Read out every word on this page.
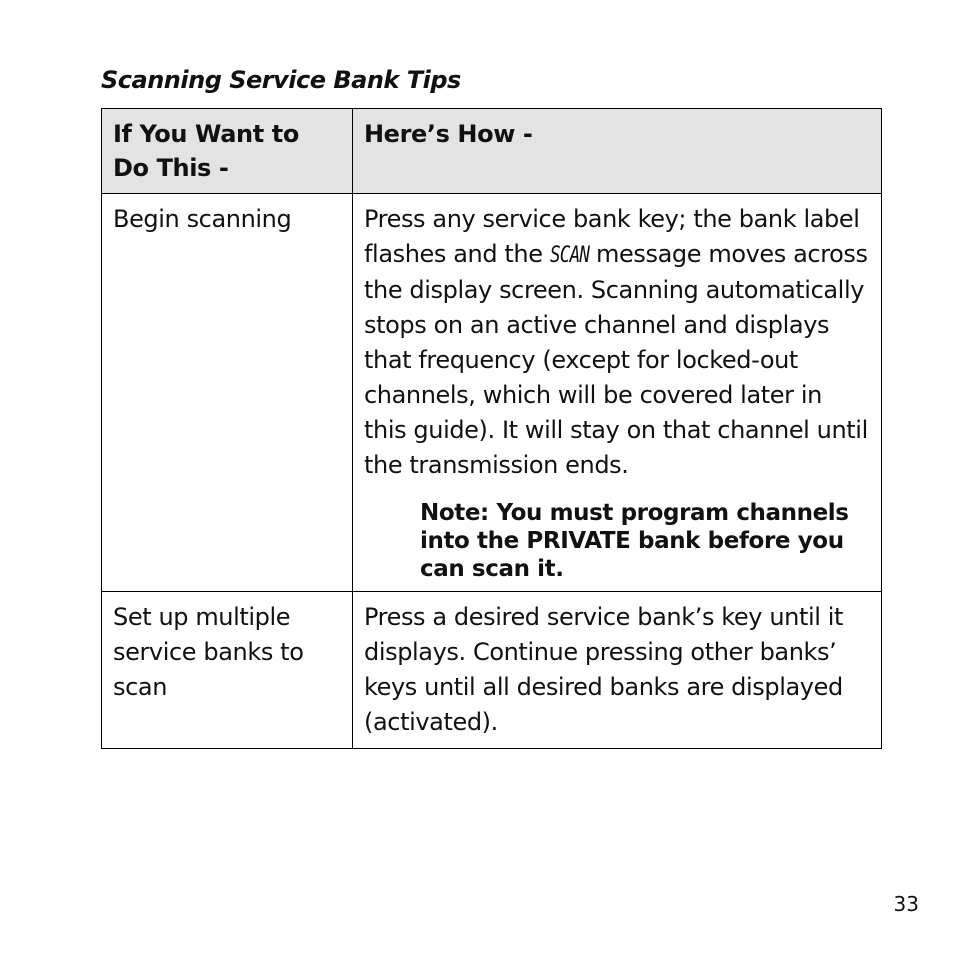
Scanning Service Bank Tips
If You Want to Do This -	Here’s How -
Begin scanning	Press any service bank key; the bank label flashes and the SCAN message moves across the display screen. Scanning automatically stops on an active channel and displays that frequency (except for locked-out channels, which will be covered later in this guide). It will stay on that channel until the transmission ends.
Note: You must program channels into the PRIVATE bank before you can scan it.

Set up multiple service banks to scan	Press a desired service bank’s key until it displays. Continue pressing other banks’ keys until all desired banks are displayed (activated).
33
